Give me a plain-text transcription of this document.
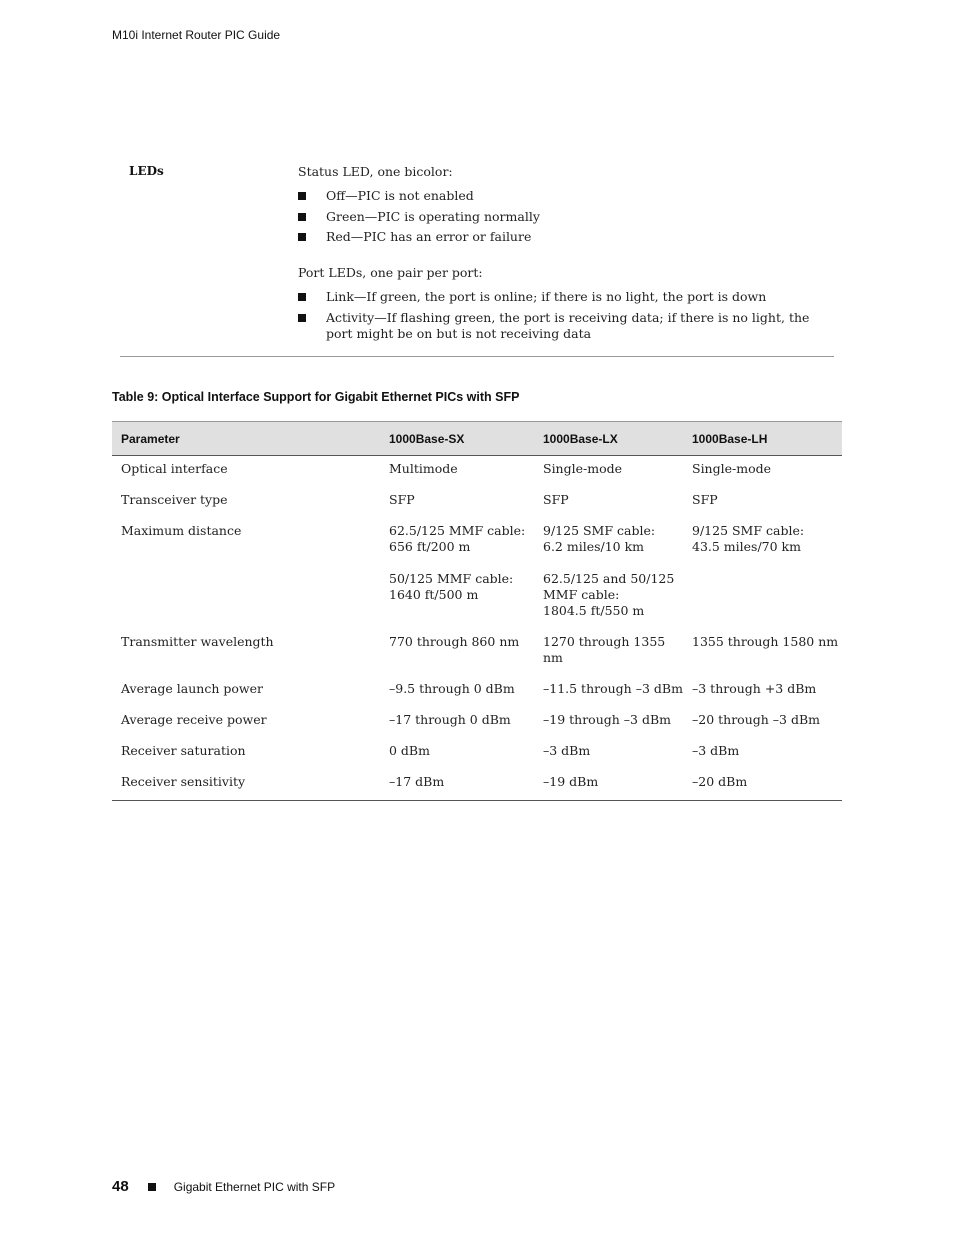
M10i Internet Router PIC Guide
LEDs	Status LED, one bicolor:

Off—PIC is not enabled
Green—PIC is operating normally
Red—PIC has an error or failure

Port LEDs, one pair per port:

Link—If green, the port is online; if there is no light, the port is down
Activity—If flashing green, the port is receiving data; if there is no light, the port might be on but is not receiving data
Table 9: Optical Interface Support for Gigabit Ethernet PICs with SFP
Parameter	1000Base-SX	1000Base-LX	1000Base-LH
Optical interface	Multimode	Single-mode	Single-mode

Transceiver type	SFP	SFP	SFP

Maximum distance	62.5/125 MMF cable:
656 ft/200 m
50/125 MMF cable:
1640 ft/500 m	9/125 SMF cable:
6.2 miles/10 km
62.5/125 and 50/125
MMF cable:
1804.5 ft/550 m	9/125 SMF cable:
43.5 miles/70 km

Transmitter wavelength	770 through 860 nm	1270 through 1355 nm	1355 through 1580 nm

Average launch power	–9.5 through 0 dBm	–11.5 through –3 dBm	–3 through +3 dBm

Average receive power	–17 through 0 dBm	–19 through –3 dBm	–20 through –3 dBm

Receiver saturation	0 dBm	–3 dBm	–3 dBm

Receiver sensitivity	–17 dBm	–19 dBm	–20 dBm
48	Gigabit Ethernet PIC with SFP
